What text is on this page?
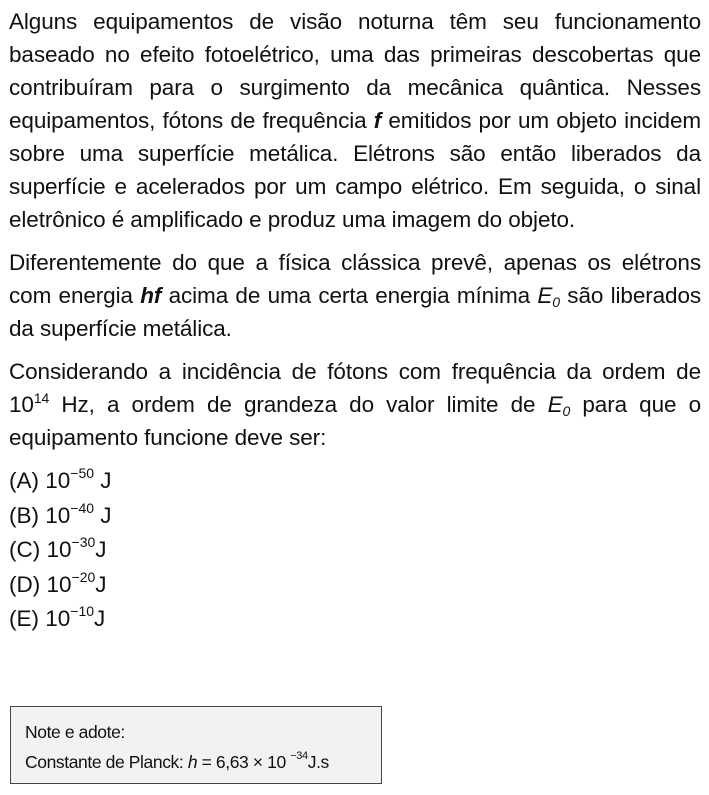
Alguns equipamentos de visão noturna têm seu funcionamento baseado no efeito fotoelétrico, uma das primeiras descobertas que contribuíram para o surgimento da mecânica quântica. Nesses equipamentos, fótons de frequência f emitidos por um objeto incidem sobre uma superfície metálica. Elétrons são então liberados da superfície e acelerados por um campo elétrico. Em seguida, o sinal eletrônico é amplificado e produz uma imagem do objeto.

Diferentemente do que a física clássica prevê, apenas os elétrons com energia hf acima de uma certa energia mínima $E_0$ são liberados da superfície metálica.

Considerando a incidência de fótons com frequência da ordem de $10^{14}$ Hz, a ordem de grandeza do valor limite de $E_0$ para que o equipamento funcione deve ser:

(A) $10^{-50}$ J
(B) $10^{-40}$ J
(C) $10^{-30}J$
(D) $10^{-20}J$
(E) $10^{-10}J$
Note e adote:
Constante de Planck: h = 6,63 × 10 $^{-34}$J.s
